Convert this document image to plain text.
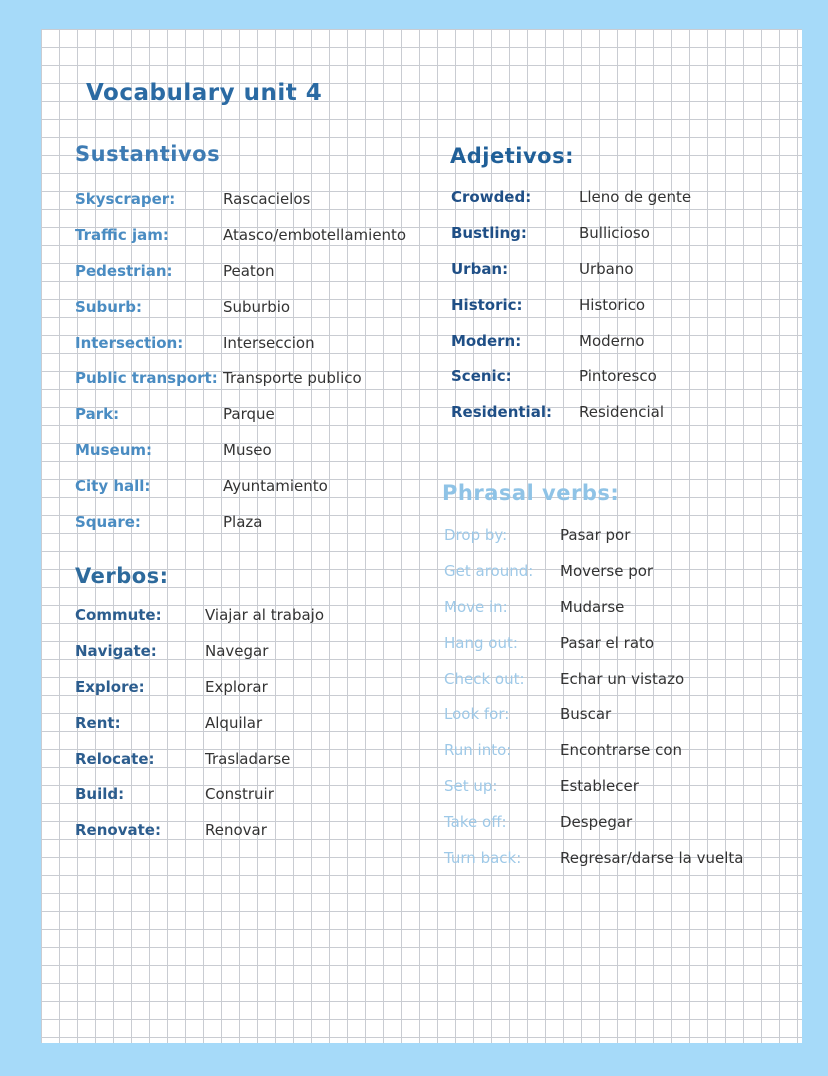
Vocabulary unit 4
Sustantivos
Skyscraper:	Rascacielos
Traffic jam:	Atasco/embotellamiento
Pedestrian:	Peaton
Suburb:	Suburbio
Intersection:	Interseccion
Public transport: Transporte publico
Park:	Parque
Museum:	Museo
City hall:	Ayuntamiento
Square:	Plaza
Verbos:
Commute:	Viajar al trabajo
Navigate:	Navegar
Explore:	Explorar
Rent:	Alquilar
Relocate:	Trasladarse
Build:	Construir
Renovate:	Renovar
Adjetivos:
Crowded:	Lleno de gente
Bustling:	Bullicioso
Urban:	Urbano
Historic:	Historico
Modern:	Moderno
Scenic:	Pintoresco
Residential: Residencial
Phrasal verbs:
Drop by:	Pasar por
Get around: Moverse por
Move in:	Mudarse
Hang out:	Pasar el rato
Check out: Echar un vistazo
Look for:	Buscar
Run into:	Encontrarse con
Set up:	Establecer
Take off:	Despegar
Turn back:	Regresar/darse la vuelta
